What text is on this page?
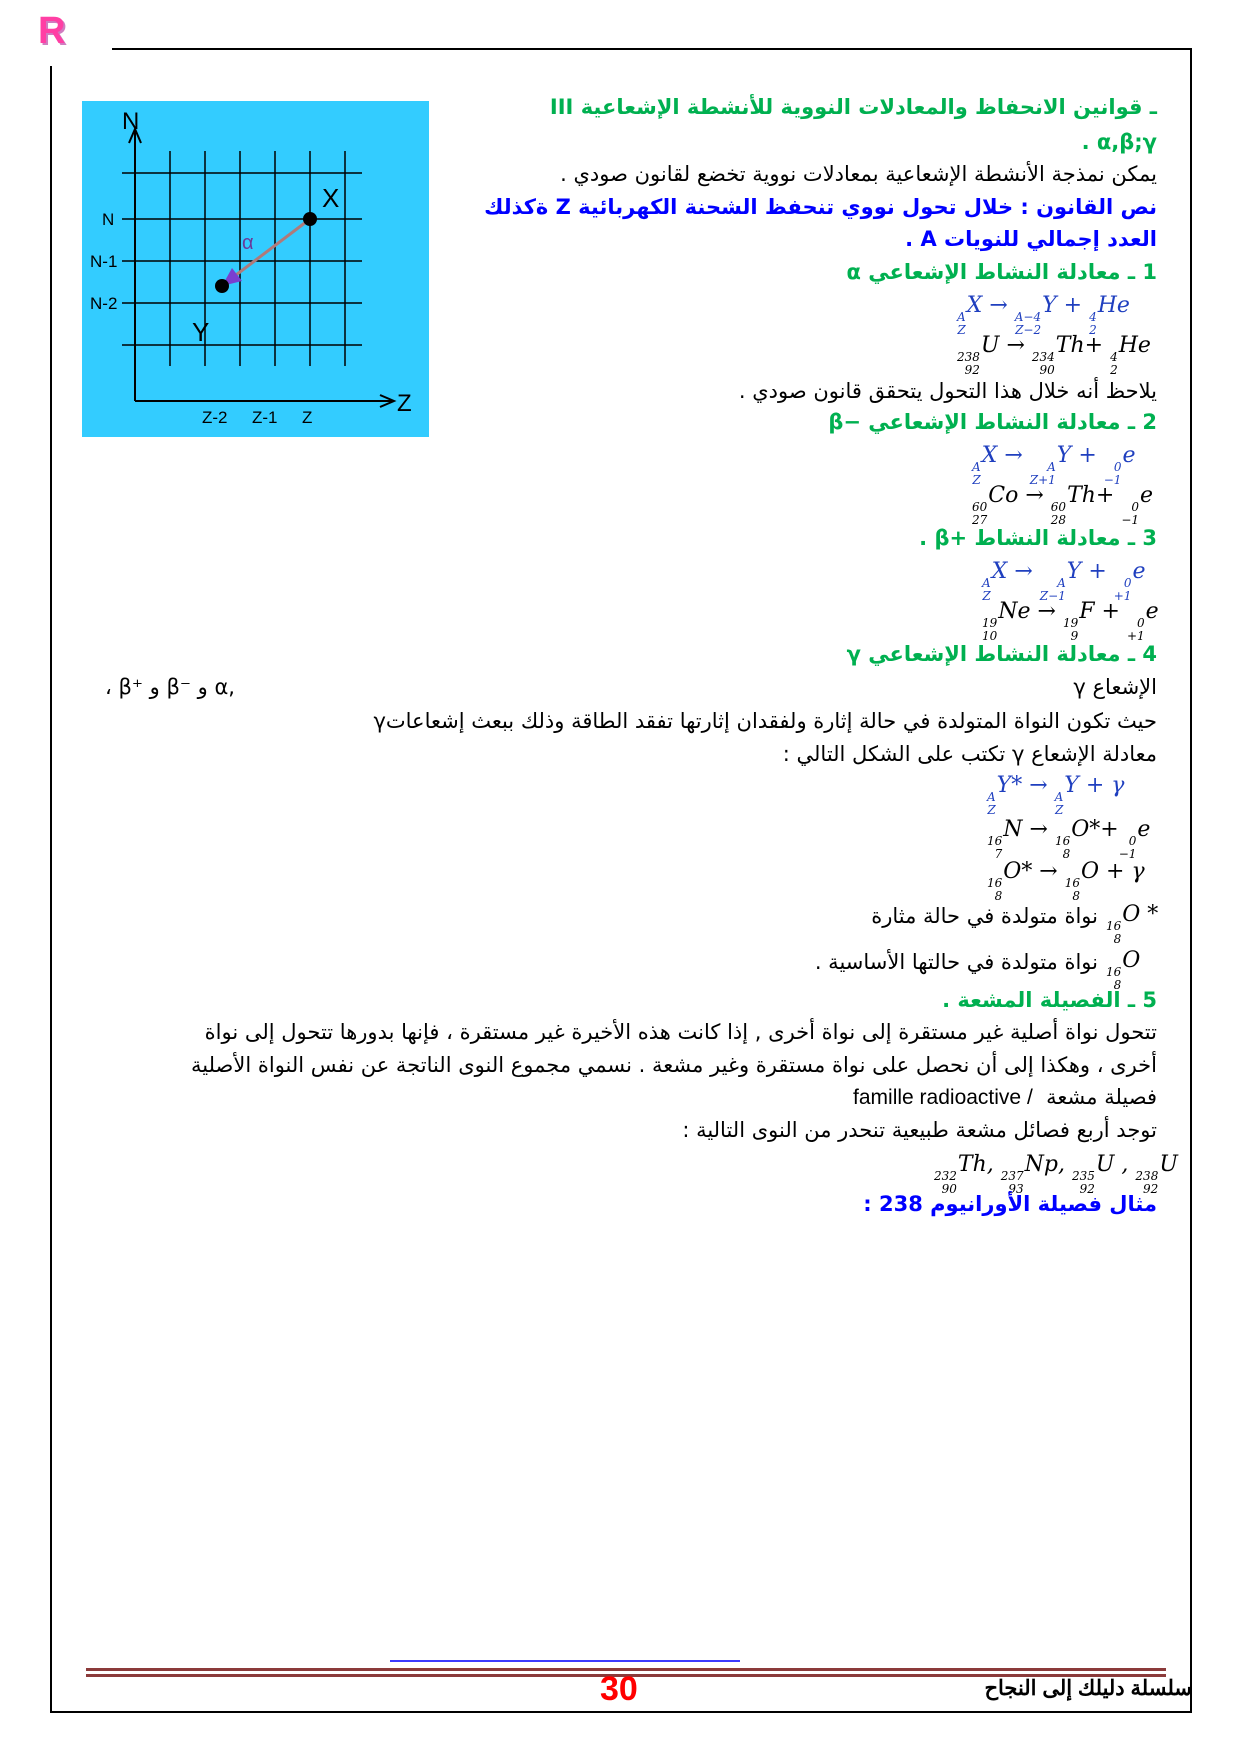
R
N
Z
N
N-1
N-2
Z-2 Z-1 Z
X
Y
α
III ـ قوانين الانحفاظ والمعادلات النووية للأنشطة الإشعاعية
. α,β;γ
يمكن نمذجة الأنشطة الإشعاعية بمعادلات نووية تخضع لقانون صودي .
نص القانون : خلال تحول نووي تنحفظ الشحنة الكهربائية Z ةكذلك
العدد إجمالي للنويات A .
1 ـ معادلة النشاط الإشعاعي α
A
Z
X → A−4
Z−2
Y + 4
2
He
238
92
U → 234
90
Th+ 4
2
He
يلاحظ أنه خلال هذا التحول يتحقق قانون صودي .
2 ـ معادلة النشاط الإشعاعي −β
A
Z
X →	A
Z+1
Y + 0
−1
e
60
27
Co → 60
28
Th+ 0
−1
e
3 ـ معادلة النشاط +β .
A
Z
X →	A
Z−1
Y + 0
+1
e
19
10
Ne → 19
9
F + 0
+1
e
4 ـ معادلة النشاط الإشعاعي γ
الإشعاع γ
، β⁺ و β⁻ و α,
حيث تكون النواة المتولدة في حالة إثارة ولفقدان إثارتها تفقد الطاقة وذلك ببعث إشعاعاتγ
معادلة الإشعاع γ تكتب على الشكل التالي :
A
Z
Y* → A
Z
Y + γ
16
7
N → 16
8
O*+ 0
−1
e
16
8
O* → 16
8
O + γ
16
8
O *
نواة متولدة في حالة مثارة
16
8
O
نواة متولدة في حالتها الأساسية .
5 ـ الفصيلة المشعة .
تتحول نواة أصلية غير مستقرة إلى نواة أخرى , إذا كانت هذه الأخيرة غير مستقرة ، فإنها بدورها تتحول إلى نواة
أخرى ، وهكذا إلى أن نحصل على نواة مستقرة وغير مشعة . نسمي مجموع النوى الناتجة عن نفس النواة الأصلية
فصيلة مشعة  famille radioactive /
توجد أربع فصائل مشعة طبيعية تنحدر من النوى التالية :
232
90
Th, 237
93
Np, 235
92
U , 238
92
U
مثال فصيلة الأورانيوم 238 :
30	سلسلة دليلك إلى النجاح
